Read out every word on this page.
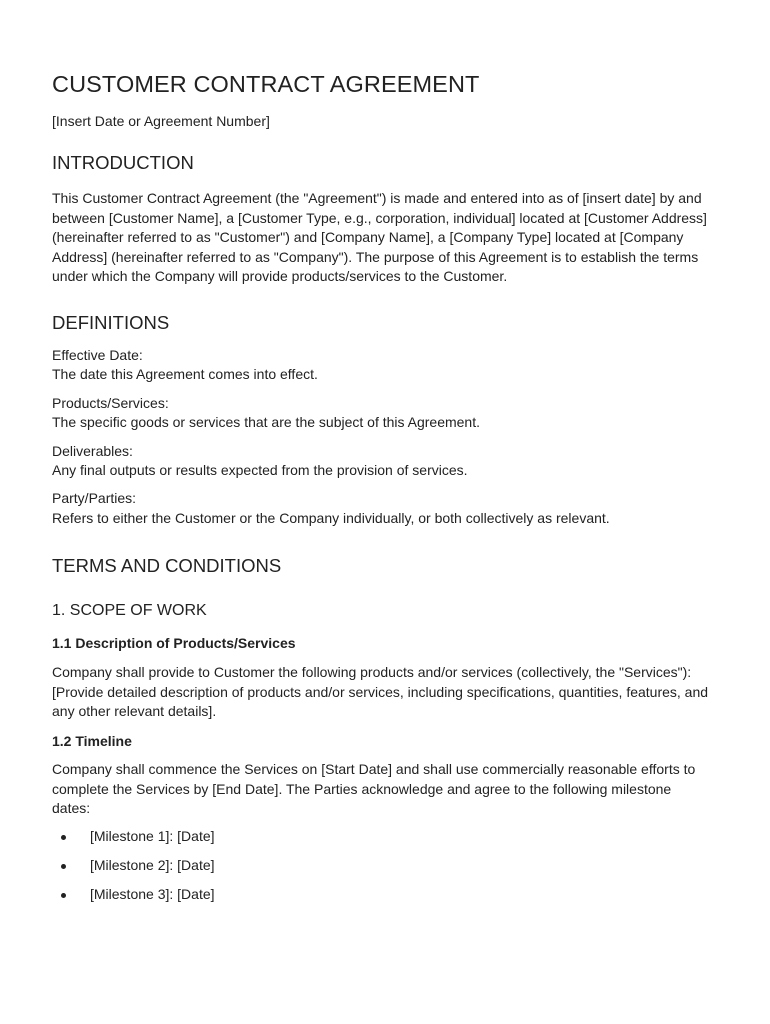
CUSTOMER CONTRACT AGREEMENT

[Insert Date or Agreement Number]

INTRODUCTION

This Customer Contract Agreement (the "Agreement") is made and entered into as of [insert date] by and between [Customer Name], a [Customer Type, e.g., corporation, individual] located at [Customer Address] (hereinafter referred to as "Customer") and [Company Name], a [Company Type] located at [Company Address] (hereinafter referred to as "Company"). The purpose of this Agreement is to establish the terms under which the Company will provide products/services to the Customer.

DEFINITIONS
Effective Date:
The date this Agreement comes into effect.
Products/Services:
The specific goods or services that are the subject of this Agreement.
Deliverables:
Any final outputs or results expected from the provision of services.
Party/Parties:
Refers to either the Customer or the Company individually, or both collectively as relevant.
TERMS AND CONDITIONS
1. SCOPE OF WORK
1.1 Description of Products/Services

Company shall provide to Customer the following products and/or services (collectively, the "Services"): [Provide detailed description of products and/or services, including specifications, quantities, features, and any other relevant details].

1.2 Timeline

Company shall commence the Services on [Start Date] and shall use commercially reasonable efforts to complete the Services by [End Date]. The Parties acknowledge and agree to the following milestone dates:

[Milestone 1]: [Date]
[Milestone 2]: [Date]
[Milestone 3]: [Date]
